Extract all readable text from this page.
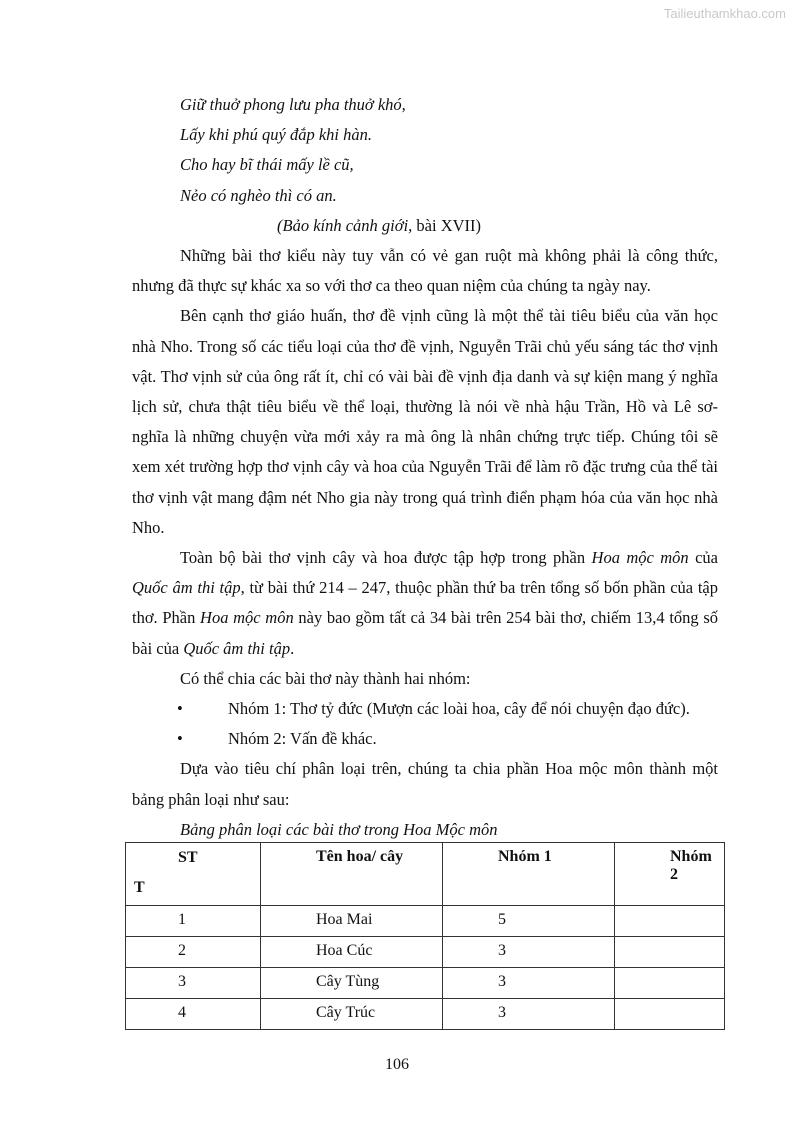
Tailieuthamkhao.com
Giữ thuở phong lưu pha thuở khó,
Lấy khi phú quý đắp khi hàn.
Cho hay bĩ thái mấy lề cũ,
Nẻo có nghèo thì có an.
(Bảo kính cảnh giới, bài XVII)

Những bài thơ kiểu này tuy vẫn có vẻ gan ruột mà không phải là công thức, nhưng đã thực sự khác xa so với thơ ca theo quan niệm của chúng ta ngày nay.

Bên cạnh thơ giáo huấn, thơ đề vịnh cũng là một thể tài tiêu biểu của văn học nhà Nho. Trong số các tiểu loại của thơ đề vịnh, Nguyễn Trãi chủ yếu sáng tác thơ vịnh vật. Thơ vịnh sử của ông rất ít, chỉ có vài bài đề vịnh địa danh và sự kiện mang ý nghĩa lịch sử, chưa thật tiêu biểu về thể loại, thường là nói về nhà hậu Trần, Hồ và Lê sơ- nghĩa là những chuyện vừa mới xảy ra mà ông là nhân chứng trực tiếp. Chúng tôi sẽ xem xét trường hợp thơ vịnh cây và hoa của Nguyễn Trãi để làm rõ đặc trưng của thể tài thơ vịnh vật mang đậm nét Nho gia này trong quá trình điển phạm hóa của văn học nhà Nho.

Toàn bộ bài thơ vịnh cây và hoa được tập hợp trong phần Hoa mộc môn của Quốc âm thi tập, từ bài thứ 214 – 247, thuộc phần thứ ba trên tổng số bốn phần của tập thơ. Phần Hoa mộc môn này bao gồm tất cả 34 bài trên 254 bài thơ, chiếm 13,4 tổng số bài của Quốc âm thi tập.

Có thể chia các bài thơ này thành hai nhóm:

•	Nhóm 1: Thơ tỷ đức (Mượn các loài hoa, cây để nói chuyện đạo đức).
•	Nhóm 2: Vấn đề khác.

Dựa vào tiêu chí phân loại trên, chúng ta chia phần Hoa mộc môn thành một bảng phân loại như sau:

Bảng phân loại các bài thơ trong Hoa Mộc môn
ST
T	Tên hoa/ cây	Nhóm 1	Nhóm 2
1	Hoa Mai	5	
2	Hoa Cúc	3	
3	Cây Tùng	3	
4	Cây Trúc	3	
106
